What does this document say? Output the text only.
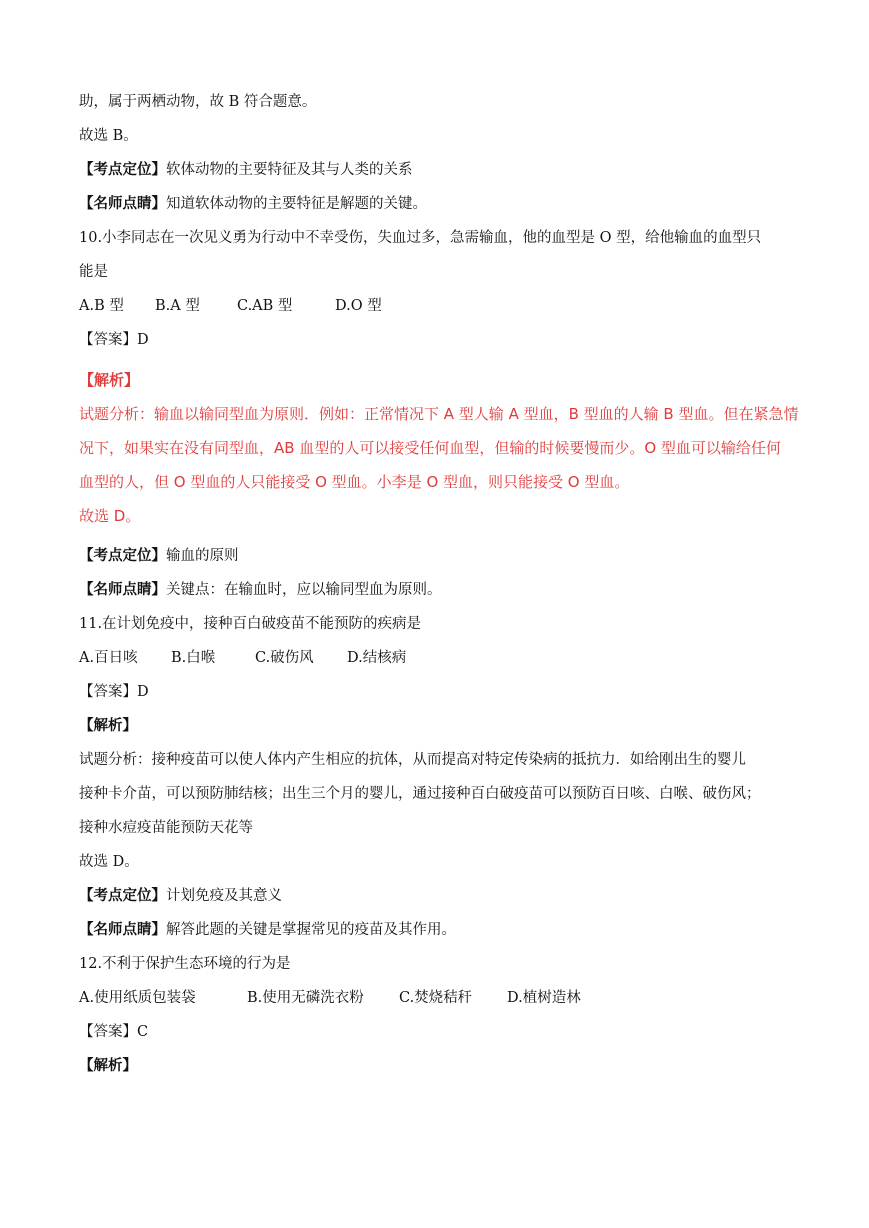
助，属于两栖动物，故 B 符合题意。
故选 B。
【考点定位】软体动物的主要特征及其与人类的关系
【名师点睛】知道软体动物的主要特征是解题的关键。
10.小李同志在一次见义勇为行动中不幸受伤，失血过多，急需输血，他的血型是 O 型，给他输血的血型只
能是
A.B 型 B.A 型	C.AB 型	D.O 型
【答案】D
【解析】
试题分析：输血以输同型血为原则．例如：正常情况下 A 型人输 A 型血，B 型血的人输 B 型血。但在紧急情
况下，如果实在没有同型血，AB 血型的人可以接受任何血型，但输的时候要慢而少。O 型血可以输给任何
血型的人，但 O 型血的人只能接受 O 型血。小李是 O 型血，则只能接受 O 型血。
故选 D。
【考点定位】输血的原则
【名师点睛】关键点：在输血时，应以输同型血为原则。
11.在计划免疫中，接种百白破疫苗不能预防的疾病是
A.百日咳 B.白喉	C.破伤风 D.结核病
【答案】D
【解析】
试题分析：接种疫苗可以使人体内产生相应的抗体，从而提高对特定传染病的抵抗力．如给刚出生的婴儿
接种卡介苗，可以预防肺结核；出生三个月的婴儿，通过接种百白破疫苗可以预防百日咳、白喉、破伤风；
接种水痘疫苗能预防天花等
故选 D。
【考点定位】计划免疫及其意义
【名师点睛】解答此题的关键是掌握常见的疫苗及其作用。
12.不利于保护生态环境的行为是
A.使用纸质包装袋	B.使用无磷洗衣粉 C.焚烧秸秆 D.植树造林
【答案】C
【解析】
